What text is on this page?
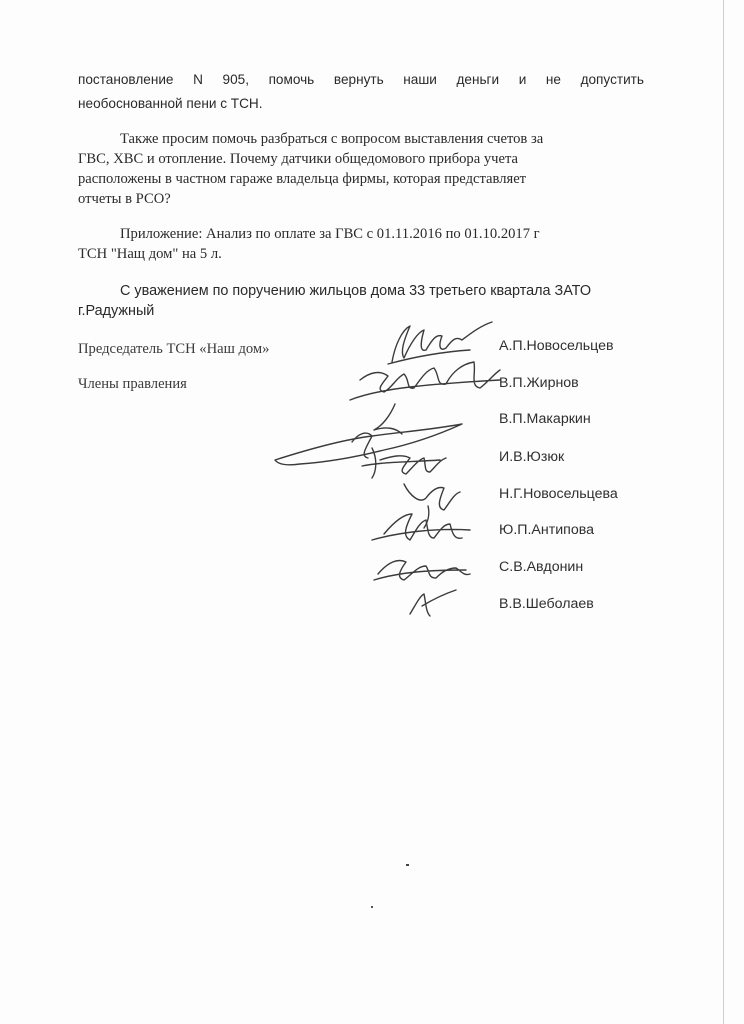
постановление N 905, помочь вернуть наши деньги и не допустить
необоснованной пени с ТСН.
Также просим помочь разбраться с вопросом выставления счетов за
ГВС, ХВС и отопление. Почему датчики общедомового прибора учета
расположены в частном гараже владельца фирмы, которая представляет
отчеты в РСО?
Приложение: Анализ по оплате за ГВС с 01.11.2016 по 01.10.2017 г
ТСН "Нащ дом" на 5 л.
С уважением по поручению жильцов дома 33 третьего квартала ЗАТО
г.Радужный
Председатель ТСН «Наш дом»
Члены правления
А.П.Новосельцев
В.П.Жирнов
В.П.Макаркин
И.В.Юзюк
Н.Г.Новосельцева
Ю.П.Антипова
С.В.Авдонин
В.В.Шеболаев
